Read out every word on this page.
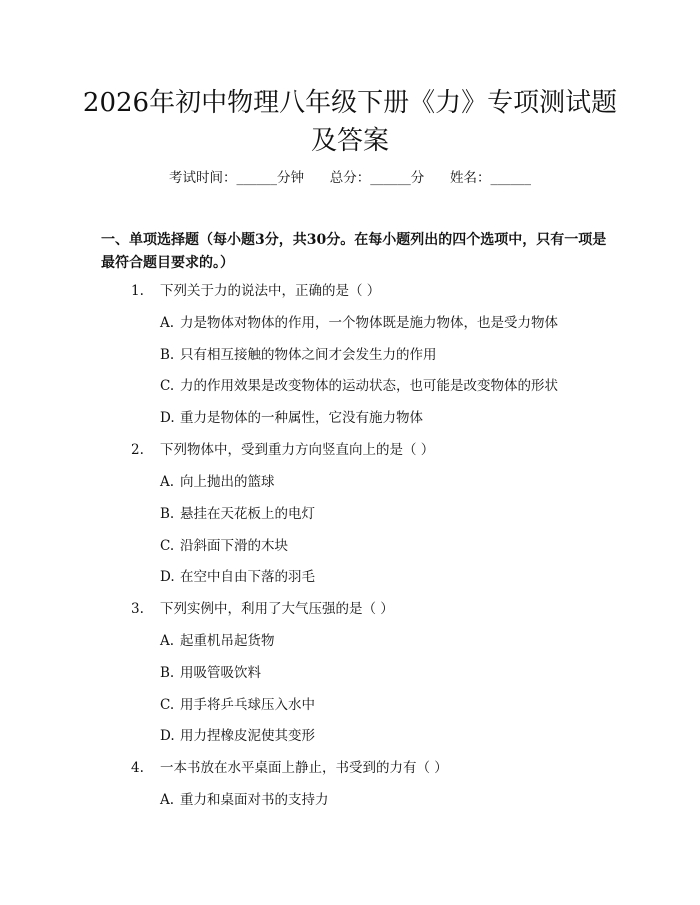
2026年初中物理八年级下册《力》专项测试题及答案
考试时间：______分钟      总分：______分      姓名：______
一、单项选择题（每小题3分，共30分。在每小题列出的四个选项中，只有一项是最符合题目要求的。）
1. 下列关于力的说法中，正确的是（ ）
A. 力是物体对物体的作用，一个物体既是施力物体，也是受力物体
B. 只有相互接触的物体之间才会发生力的作用
C. 力的作用效果是改变物体的运动状态，也可能是改变物体的形状
D. 重力是物体的一种属性，它没有施力物体
2. 下列物体中，受到重力方向竖直向上的是（ ）
A. 向上抛出的篮球
B. 悬挂在天花板上的电灯
C. 沿斜面下滑的木块
D. 在空中自由下落的羽毛
3. 下列实例中，利用了大气压强的是（ ）
A. 起重机吊起货物
B. 用吸管吸饮料
C. 用手将乒乓球压入水中
D. 用力捏橡皮泥使其变形
4. 一本书放在水平桌面上静止，书受到的力有（ ）
A. 重力和桌面对书的支持力
